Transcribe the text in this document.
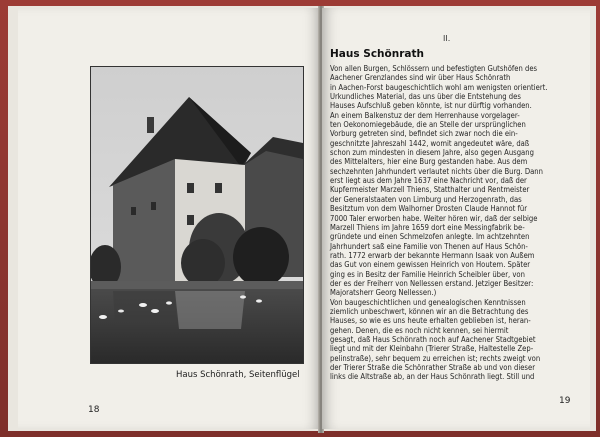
Haus Schönrath, Seitenflügel
18
II.
Haus Schönrath

Von allen Burgen, Schlössern und befestigten Gutshöfen des
Aachener Grenzlandes sind wir über Haus Schönrath
in Aachen-Forst baugeschichtlich wohl am wenigsten orientiert.
Urkundliches Material, das uns über die Entstehung des
Hauses Aufschluß geben könnte, ist nur dürftig vorhanden.
An einem Balkenstuz der dem Herrenhause vorgelager-
ten Oekonomiegebäude, die an Stelle der ursprünglichen
Vorburg getreten sind, befindet sich zwar noch die ein-
geschnitzte Jahreszahl 1442, womit angedeutet wäre, daß
schon zum mindesten in diesem Jahre, also gegen Ausgang
des Mittelalters, hier eine Burg gestanden habe. Aus dem
sechzehnten Jahrhundert verlautet nichts über die Burg. Dann
erst liegt aus dem Jahre 1637 eine Nachricht vor, daß der
Kupfermeister Marzell Thiens, Statthalter und Rentmeister
der Generalstaaten von Limburg und Herzogenrath, das
Besitztum von dem Walhorner Drosten Claude Hannot für
7000 Taler erworben habe. Weiter hören wir, daß der selbige
Marzell Thiens im Jahre 1659 dort eine Messingfabrik be-
gründete und einen Schmelzofen anlegte. Im achtzehnten
Jahrhundert saß eine Familie von Thenen auf Haus Schön-
rath. 1772 erwarb der bekannte Hermann Isaak von Außem
das Gut von einem gewissen Heinrich von Houtem. Später
ging es in Besitz der Familie Heinrich Scheibler über, von
der es der Freiherr von Nellessen erstand. Jetziger Besitzer:
Majoratsherr Georg Nellessen.)

Von baugeschichtlichen und genealogischen Kenntnissen
ziemlich unbeschwert, können wir an die Betrachtung des
Hauses, so wie es uns heute erhalten geblieben ist, heran-
gehen. Denen, die es noch nicht kennen, sei hiermit
gesagt, daß Haus Schönrath noch auf Aachener Stadtgebiet
liegt und mit der Kleinbahn (Trierer Straße, Haltestelle Zep-
pelinstraße), sehr bequem zu erreichen ist; rechts zweigt von
der Trierer Straße die Schönrather Straße ab und von dieser
links die Altstraße ab, an der Haus Schönrath liegt. Still und

19
